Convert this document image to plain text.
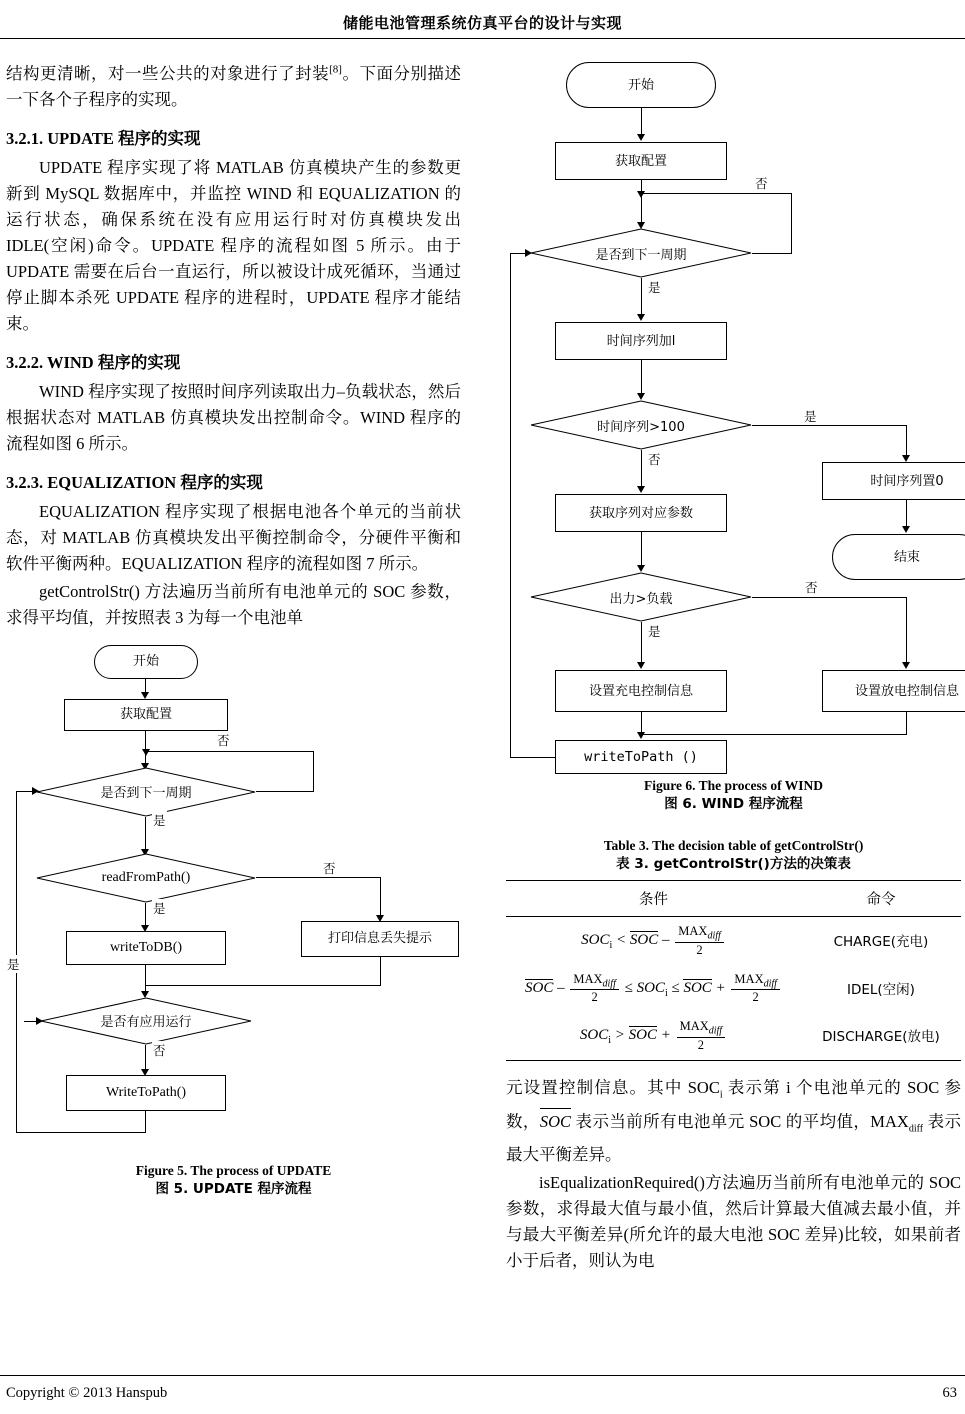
储能电池管理系统仿真平台的设计与实现

结构更清晰，对一些公共的对象进行了封装[8]。下面分别描述一下各个子程序的实现。

3.2.1. UPDATE 程序的实现

UPDATE 程序实现了将 MATLAB 仿真模块产生的参数更新到 MySQL 数据库中，并监控 WIND 和 EQUALIZATION 的运行状态，确保系统在没有应用运行时对仿真模块发出 IDLE(空闲)命令。UPDATE 程序的流程如图 5 所示。由于 UPDATE 需要在后台一直运行，所以被设计成死循环，当通过停止脚本杀死 UPDATE 程序的进程时，UPDATE 程序才能结束。

3.2.2. WIND 程序的实现

WIND 程序实现了按照时间序列读取出力–负载状态，然后根据状态对 MATLAB 仿真模块发出控制命令。WIND 程序的流程如图 6 所示。

3.2.3. EQUALIZATION 程序的实现

EQUALIZATION 程序实现了根据电池各个单元的当前状态，对 MATLAB 仿真模块发出平衡控制命令，分硬件平衡和软件平衡两种。EQUALIZATION 程序的流程如图 7 所示。

getControlStr() 方法遍历当前所有电池单元的 SOC 参数，求得平均值，并按照表 3 为每一个电池单

开始
获取配置
是否到下一周期
否
是
readFromPath()
否
打印信息丢失提示
是
writeToDB()
是否有应用运行
否
WriteToPath()
是
Figure 5. The process of UPDATE
图 5. UPDATE 程序流程
开始
获取配置
是否到下一周期
否
是
时间序列加l
时间序列>100
是
时间序列置0
结束
否
获取序列对应参数
出力>负载
否
设置放电控制信息
是
设置充电控制信息
writeToPath ()
Figure 6. The process of WIND
图 6. WIND 程序流程
Table 3. The decision table of getControlStr()
表 3. getControlStr()方法的决策表
条件	命令
$SOC_i$ < SOC – $\frac{MAX_{diff}}{2}$	CHARGE(充电)
SOC – $\frac{MAX_{diff}}{2} \le SOC_i$ ≤ SOC + $\frac{MAX_{diff}}{2}$	IDEL(空闲)
$SOC_i$ > SOC + $\frac{MAX_{diff}}{2}$	DISCHARGE(放电)

元设置控制信息。其中 $SOC_i$ 表示第 i 个电池单元的 SOC 参数，SOC 表示当前所有电池单元 SOC 的平均值，$MAX_{diff}$ 表示最大平衡差异。

isEqualizationRequired()方法遍历当前所有电池单元的 SOC 参数，求得最大值与最小值，然后计算最大值减去最小值，并与最大平衡差异(所允许的最大电池 SOC 差异)比较，如果前者小于后者，则认为电

Copyright © 2013 Hanspub	63
